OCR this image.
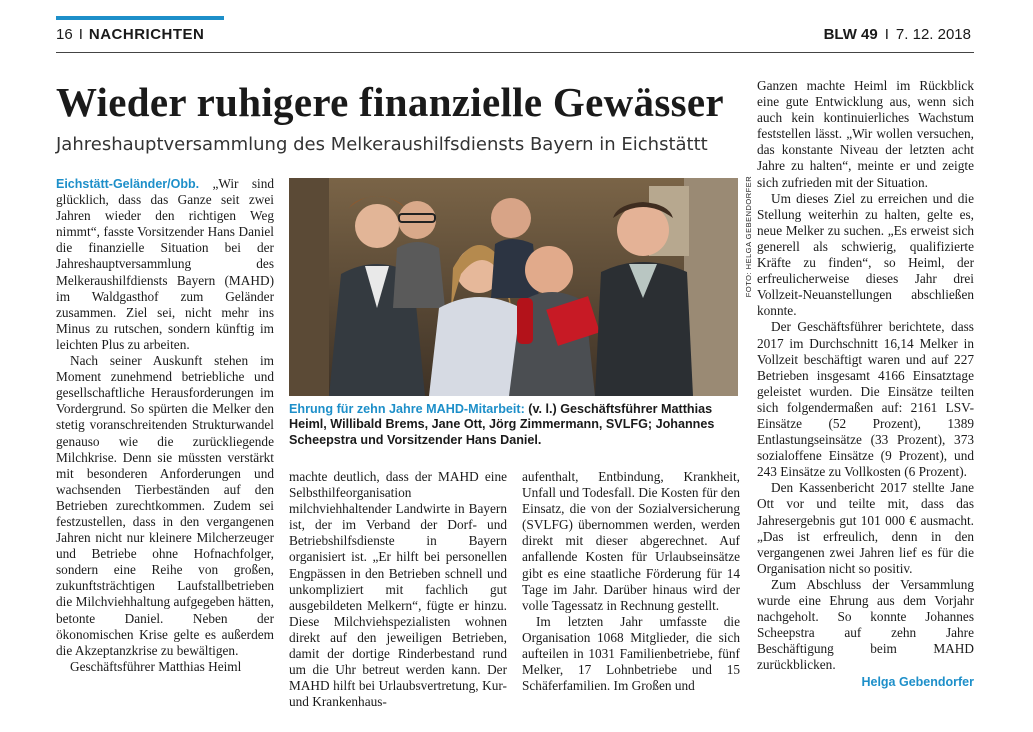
16 I NACHRICHTEN	BLW 49 I 7. 12. 2018
Wieder ruhigere finanzielle Gewässer
Jahreshauptversammlung des Melkeraushilfsdiensts Bayern in Eichstättt

Eichstätt-Geländer/Obb. „Wir sind glücklich, dass das Ganze seit zwei Jahren wieder den richtigen Weg nimmt“, fasste Vorsitzender Hans Daniel die finanzielle Situation bei der Jahreshauptversammlung des Melkeraushilfdiensts Bayern (MAHD) im Waldgasthof zum Geländer zusammen. Ziel sei, nicht mehr ins Minus zu rutschen, sondern künftig im leichten Plus zu arbeiten.

Nach seiner Auskunft stehen im Moment zunehmend betriebliche und gesellschaftliche Herausforderungen im Vordergrund. So spürten die Melker den stetig voranschreitenden Strukturwandel genauso wie die zurückliegende Milchkrise. Denn sie müssten verstärkt mit besonderen Anforderungen und wachsenden Tierbeständen auf den Betrieben zurechtkommen. Zudem sei festzustellen, dass in den vergangenen Jahren nicht nur kleinere Milcherzeuger und Betriebe ohne Hofnachfolger, sondern eine Reihe von großen, zukunftsträchtigen Laufstallbetrieben die Milchviehhaltung aufgegeben hätten, betonte Daniel. Neben der ökonomischen Krise gelte es außerdem die Akzeptanzkrise zu bewältigen.

Geschäftsführer Matthias Heiml

FOTO: HELGA GEBENDORFER
Ehrung für zehn Jahre MAHD-Mitarbeit: (v. l.) Geschäftsführer Matthias Heiml, Willibald Brems, Jane Ott, Jörg Zimmermann, SVLFG; Johannes Scheepstra und Vorsitzender Hans Daniel.

machte deutlich, dass der MAHD eine Selbsthilfeorganisation milchviehhaltender Landwirte in Bayern ist, der im Verband der Dorf- und Betriebshilfsdienste in Bayern organisiert ist. „Er hilft bei personellen Engpässen in den Betrieben schnell und unkompliziert mit fachlich gut ausgebildeten Melkern“, fügte er hinzu. Diese Milchviehspezialisten wohnen direkt auf den jeweiligen Betrieben, damit der dortige Rinderbestand rund um die Uhr betreut werden kann. Der MAHD hilft bei Urlaubsvertretung, Kur- und Krankenhaus-

aufenthalt, Entbindung, Krankheit, Unfall und Todesfall. Die Kosten für den Einsatz, die von der Sozialversicherung (SVLFG) übernommen werden, werden direkt mit dieser abgerechnet. Auf anfallende Kosten für Urlaubseinsätze gibt es eine staatliche Förderung für 14 Tage im Jahr. Darüber hinaus wird der volle Tagessatz in Rechnung gestellt.

Im letzten Jahr umfasste die Organisation 1068 Mitglieder, die sich aufteilen in 1031 Familienbetriebe, fünf Melker, 17 Lohnbetriebe und 15 Schäferfamilien. Im Großen und

Ganzen machte Heiml im Rückblick eine gute Entwicklung aus, wenn sich auch kein kontinuierliches Wachstum feststellen lässt. „Wir wollen versuchen, das konstante Niveau der letzten acht Jahre zu halten“, meinte er und zeigte sich zufrieden mit der Situation.

Um dieses Ziel zu erreichen und die Stellung weiterhin zu halten, gelte es, neue Melker zu suchen. „Es erweist sich generell als schwierig, qualifizierte Kräfte zu finden“, so Heiml, der erfreulicherweise dieses Jahr drei Vollzeit-Neuanstellungen abschließen konnte.

Der Geschäftsführer berichtete, dass 2017 im Durchschnitt 16,14 Melker in Vollzeit beschäftigt waren und auf 227 Betrieben insgesamt 4166 Einsatztage geleistet wurden. Die Einsätze teilten sich folgendermaßen auf: 2161 LSV-Einsätze (52 Prozent), 1389 Entlastungseinsätze (33 Prozent), 373 sozialoffene Einsätze (9 Prozent), und 243 Einsätze zu Vollkosten (6 Prozent).

Den Kassenbericht 2017 stellte Jane Ott vor und teilte mit, dass das Jahresergebnis gut 101 000 € ausmacht. „Das ist erfreulich, denn in den vergangenen zwei Jahren lief es für die Organisation nicht so positiv.

Zum Abschluss der Versammlung wurde eine Ehrung aus dem Vorjahr nachgeholt. So konnte Johannes Scheepstra auf zehn Jahre Beschäftigung beim MAHD zurückblicken.

Helga Gebendorfer
